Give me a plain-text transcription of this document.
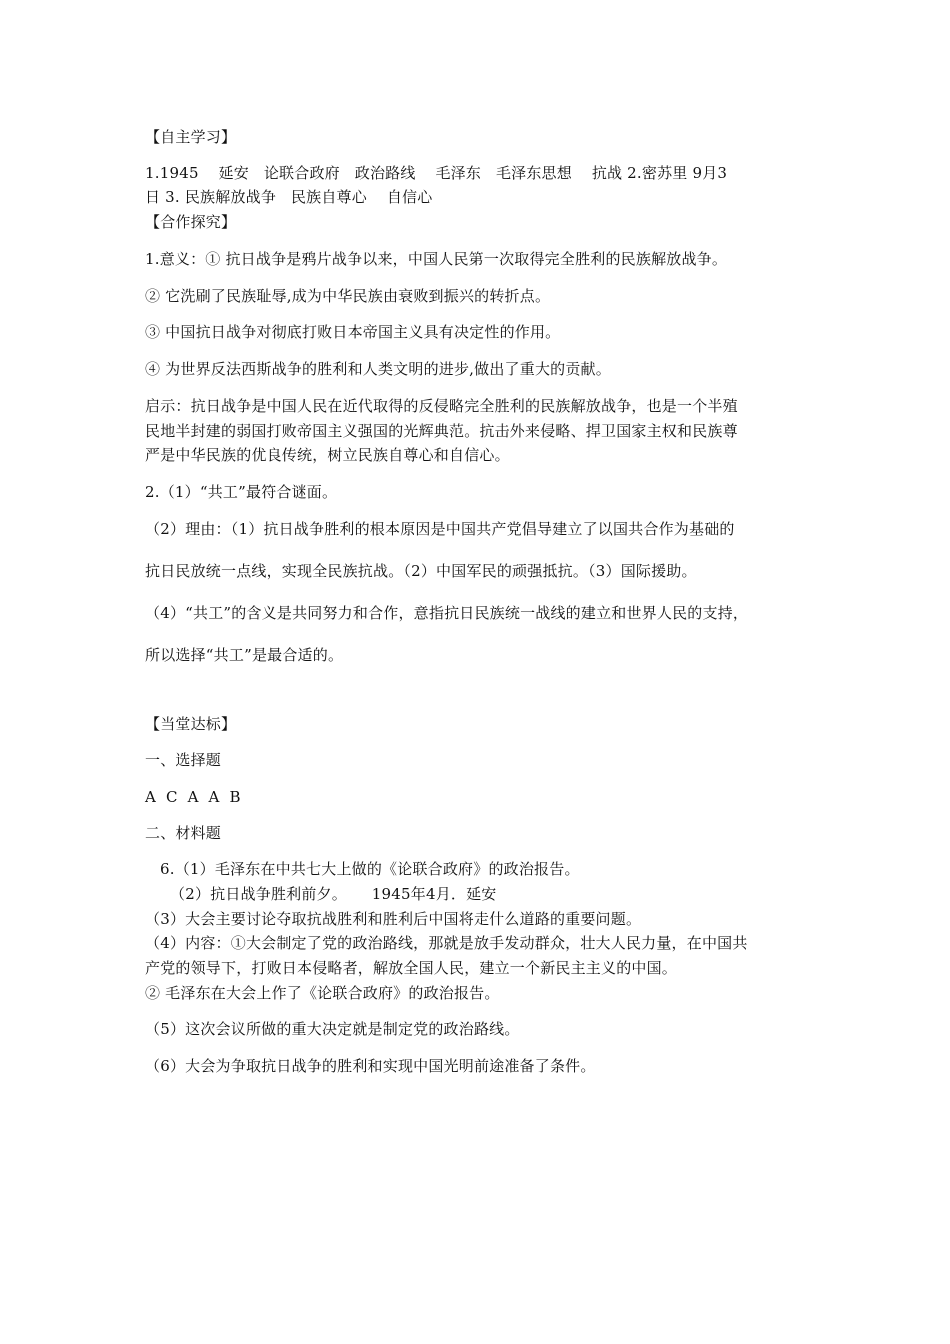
【自主学习】
1.1945    延安   论联合政府   政治路线    毛泽东   毛泽东思想    抗战 2.密苏里 9月3
日 3. 民族解放战争   民族自尊心    自信心
【合作探究】
1.意义：① 抗日战争是鸦片战争以来，中国人民第一次取得完全胜利的民族解放战争。
② 它洗刷了民族耻辱,成为中华民族由衰败到振兴的转折点。
③ 中国抗日战争对彻底打败日本帝国主义具有决定性的作用。
④ 为世界反法西斯战争的胜利和人类文明的进步,做出了重大的贡献。
启示：抗日战争是中国人民在近代取得的反侵略完全胜利的民族解放战争，也是一个半殖
民地半封建的弱国打败帝国主义强国的光辉典范。抗击外来侵略、捍卫国家主权和民族尊
严是中华民族的优良传统，树立民族自尊心和自信心。
2.（1）“共工”最符合谜面。
（2）理由：（1）抗日战争胜利的根本原因是中国共产党倡导建立了以国共合作为基础的
抗日民放统一点线，实现全民族抗战。（2）中国军民的顽强抵抗。（3）国际援助。
（4）“共工”的含义是共同努力和合作，意指抗日民族统一战线的建立和世界人民的支持，
所以选择“共工”是最合适的。
【当堂达标】
一、选择题
A  C  A  A  B
二、材料题
6.（1）毛泽东在中共七大上做的《论联合政府》的政治报告。
（2）抗日战争胜利前夕。     1945年4月．延安
（3）大会主要讨论夺取抗战胜利和胜利后中国将走什么道路的重要问题。
（4）内容：①大会制定了党的政治路线，那就是放手发动群众，壮大人民力量，在中国共
产党的领导下，打败日本侵略者，解放全国人民，建立一个新民主主义的中国。
② 毛泽东在大会上作了《论联合政府》的政治报告。
（5）这次会议所做的重大决定就是制定党的政治路线。
（6）大会为争取抗日战争的胜利和实现中国光明前途准备了条件。
